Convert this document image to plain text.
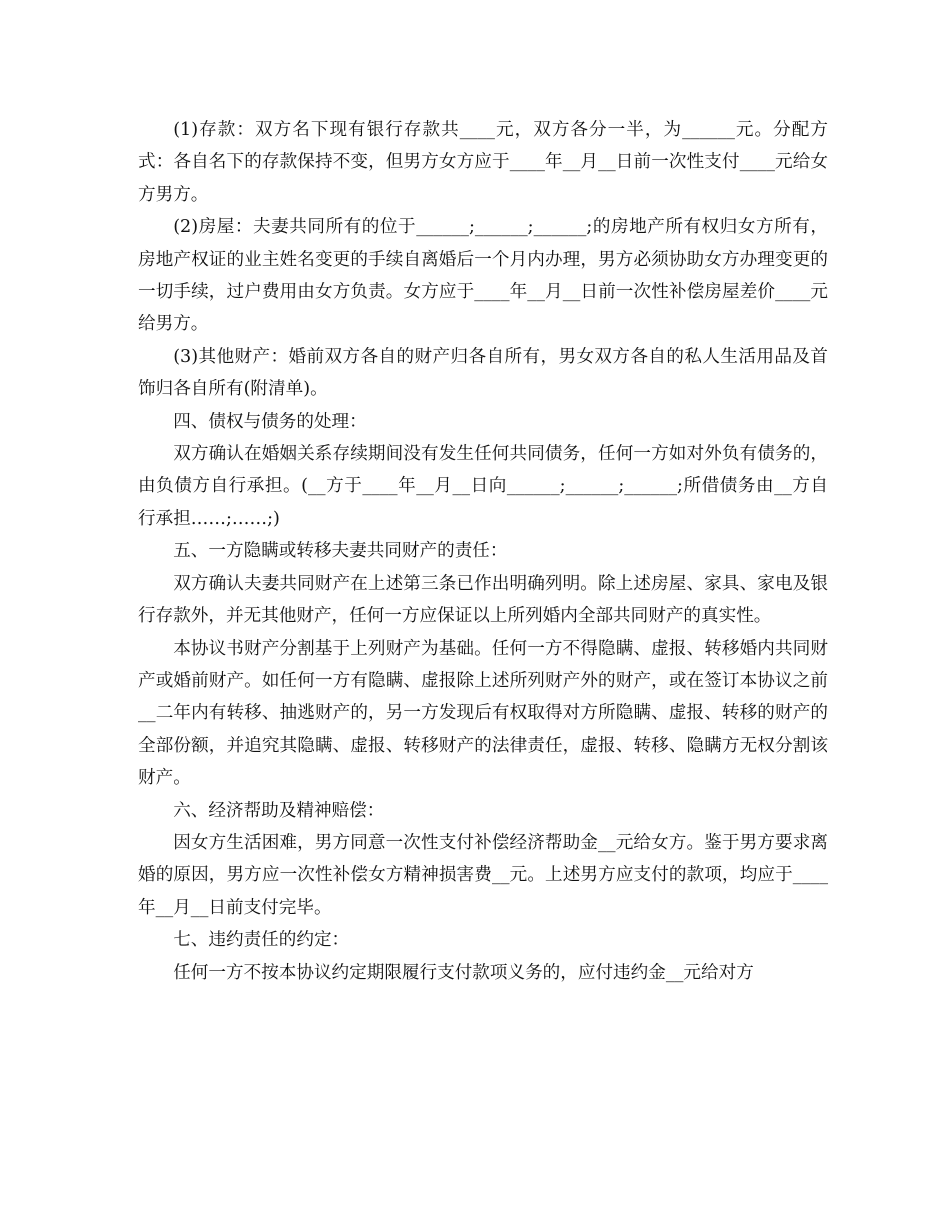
(1)存款：双方名下现有银行存款共____元，双方各分一半，为______元。分配方式：各自名下的存款保持不变，但男方女方应于____年__月__日前一次性支付____元给女方男方。

(2)房屋：夫妻共同所有的位于______;______;______;的房地产所有权归女方所有，房地产权证的业主姓名变更的手续自离婚后一个月内办理，男方必须协助女方办理变更的一切手续，过户费用由女方负责。女方应于____年__月__日前一次性补偿房屋差价____元给男方。

(3)其他财产：婚前双方各自的财产归各自所有，男女双方各自的私人生活用品及首饰归各自所有(附清单)。

四、债权与债务的处理：

双方确认在婚姻关系存续期间没有发生任何共同债务，任何一方如对外负有债务的，由负债方自行承担。(__方于____年__月__日向______;______;______;所借债务由__方自行承担……;……;)

五、一方隐瞒或转移夫妻共同财产的责任：

双方确认夫妻共同财产在上述第三条已作出明确列明。除上述房屋、家具、家电及银行存款外，并无其他财产，任何一方应保证以上所列婚内全部共同财产的真实性。

本协议书财产分割基于上列财产为基础。任何一方不得隐瞒、虚报、转移婚内共同财产或婚前财产。如任何一方有隐瞒、虚报除上述所列财产外的财产，或在签订本协议之前__二年内有转移、抽逃财产的，另一方发现后有权取得对方所隐瞒、虚报、转移的财产的全部份额，并追究其隐瞒、虚报、转移财产的法律责任，虚报、转移、隐瞒方无权分割该财产。

六、经济帮助及精神赔偿：

因女方生活困难，男方同意一次性支付补偿经济帮助金__元给女方。鉴于男方要求离婚的原因，男方应一次性补偿女方精神损害费__元。上述男方应支付的款项，均应于____年__月__日前支付完毕。

七、违约责任的约定：

任何一方不按本协议约定期限履行支付款项义务的，应付违约金__元给对方
